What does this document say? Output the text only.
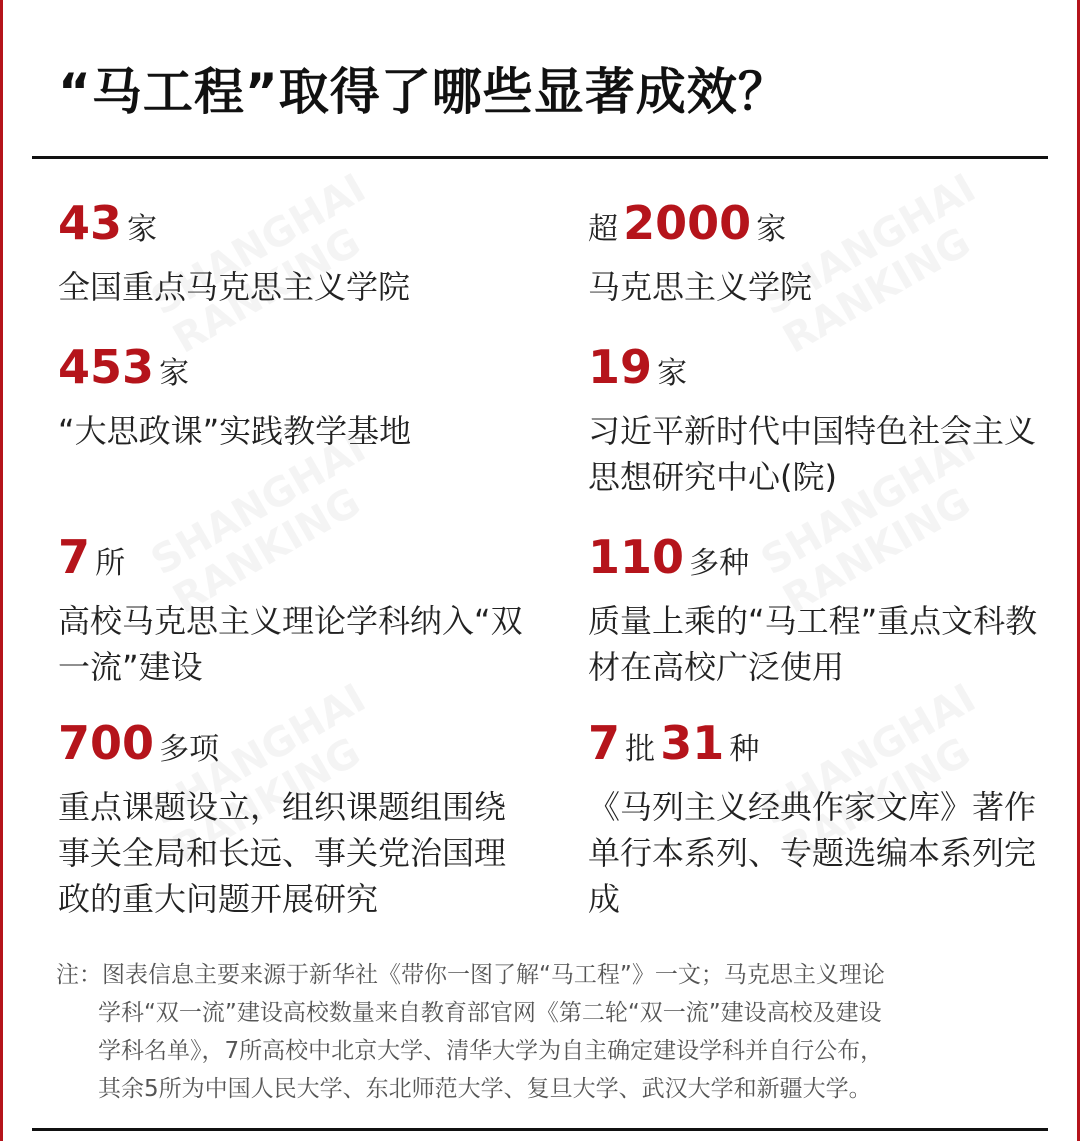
“马工程”取得了哪些显著成效？
43 家
全国重点马克思主义学院
超 2000 家
马克思主义学院
453 家
“大思政课”实践教学基地
19 家
习近平新时代中国特色社会主义思想研究中心(院)
7 所
高校马克思主义理论学科纳入“双一流”建设
110 多种
质量上乘的“马工程”重点文科教材在高校广泛使用
700 多项
重点课题设立，组织课题组围绕事关全局和长远、事关党治国理政的重大问题开展研究
7 批 31 种
《马列主义经典作家文库》著作单行本系列、专题选编本系列完成
注：图表信息主要来源于新华社《带你一图了解“马工程”》一文；马克思主义理论
学科“双一流”建设高校数量来自教育部官网《第二轮“双一流”建设高校及建设
学科名单》，7所高校中北京大学、清华大学为自主确定建设学科并自行公布，
其余5所为中国人民大学、东北师范大学、复旦大学、武汉大学和新疆大学。
